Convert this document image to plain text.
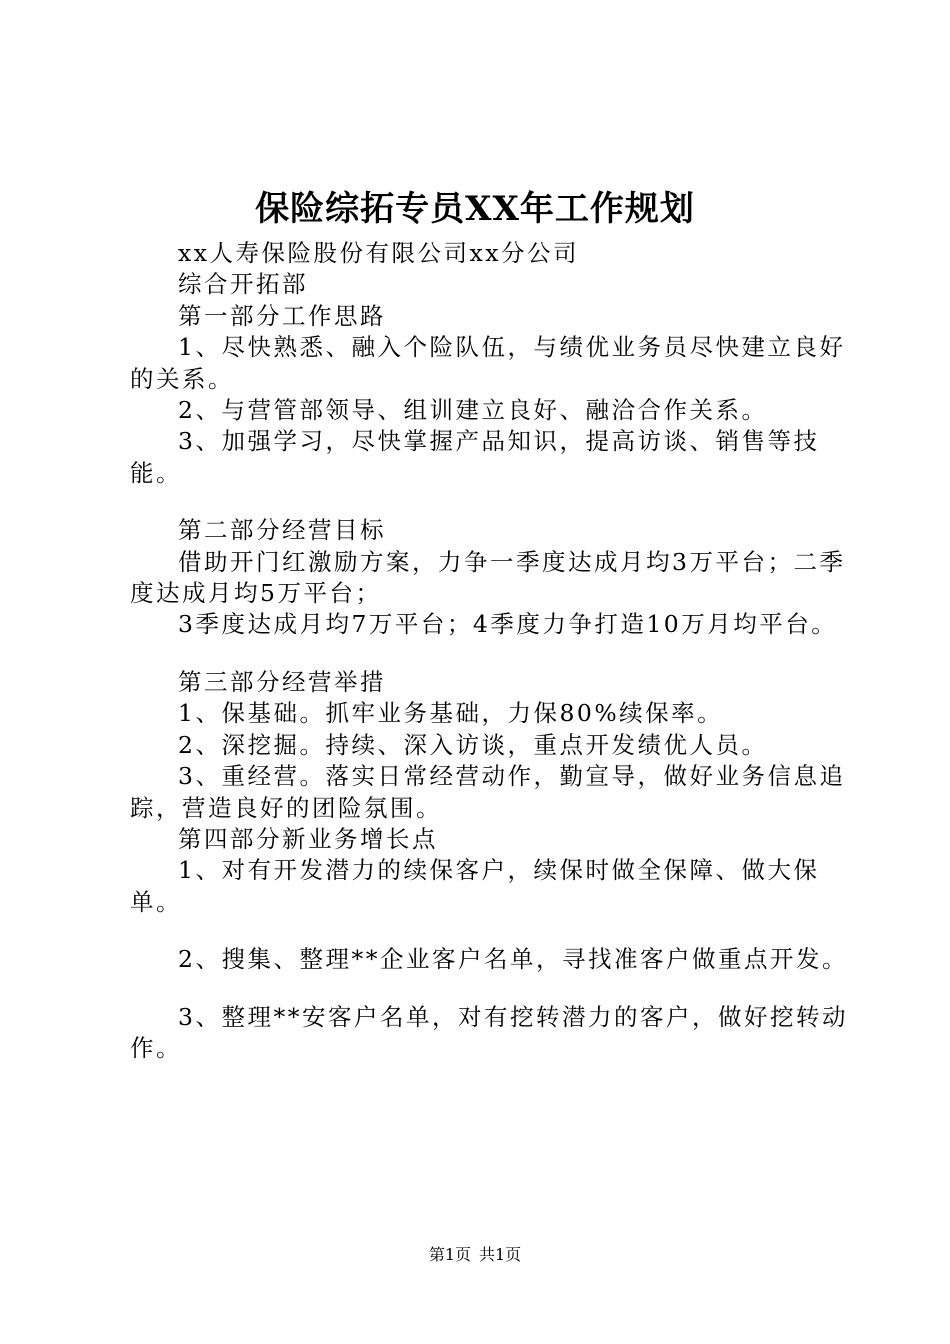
保险综拓专员XX年工作规划

xx人寿保险股份有限公司xx分公司

综合开拓部

第一部分工作思路

1、尽快熟悉、融入个险队伍，与绩优业务员尽快建立良好的关系。

2、与营管部领导、组训建立良好、融洽合作关系。

3、加强学习，尽快掌握产品知识，提高访谈、销售等技能。

第二部分经营目标

借助开门红激励方案，力争一季度达成月均3万平台；二季度达成月均5万平台；

3季度达成月均7万平台；4季度力争打造10万月均平台。

第三部分经营举措

1、保基础。抓牢业务基础，力保80%续保率。

2、深挖掘。持续、深入访谈，重点开发绩优人员。

3、重经营。落实日常经营动作，勤宣导，做好业务信息追踪，营造良好的团险氛围。

第四部分新业务增长点

1、对有开发潜力的续保客户，续保时做全保障、做大保单。

2、搜集、整理**企业客户名单，寻找准客户做重点开发。

3、整理**安客户名单，对有挖转潜力的客户，做好挖转动作。

第1页 共1页
